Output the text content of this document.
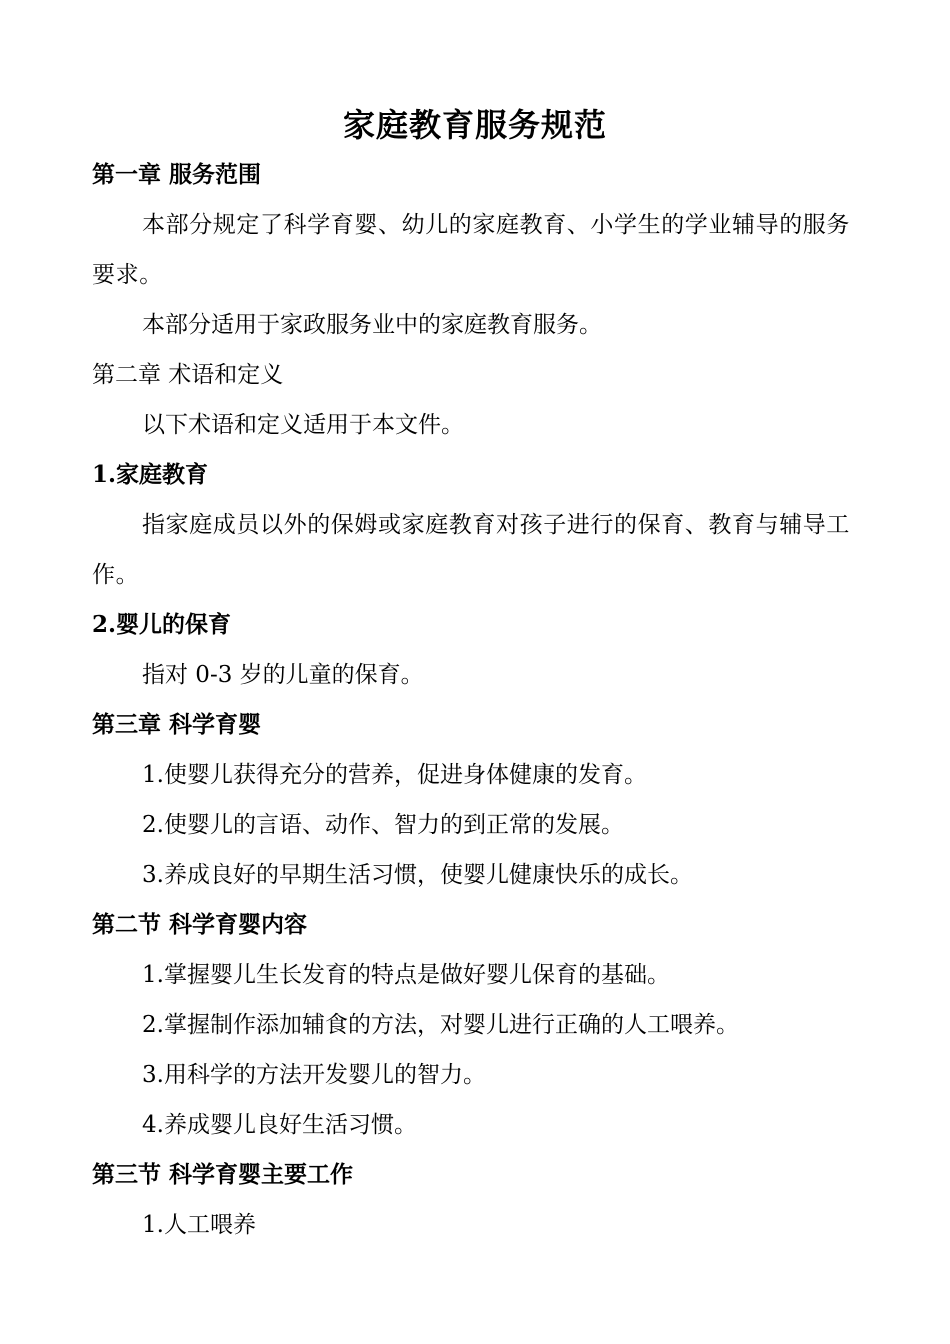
家庭教育服务规范

第一章 服务范围

本部分规定了科学育婴、幼儿的家庭教育、小学生的学业辅导的服务要求。

本部分适用于家政服务业中的家庭教育服务。

第二章 术语和定义

以下术语和定义适用于本文件。

1.家庭教育

指家庭成员以外的保姆或家庭教育对孩子进行的保育、教育与辅导工作。

2.婴儿的保育

指对 0-3 岁的儿童的保育。

第三章 科学育婴

1.使婴儿获得充分的营养，促进身体健康的发育。

2.使婴儿的言语、动作、智力的到正常的发展。

3.养成良好的早期生活习惯，使婴儿健康快乐的成长。

第二节 科学育婴内容

1.掌握婴儿生长发育的特点是做好婴儿保育的基础。

2.掌握制作添加辅食的方法，对婴儿进行正确的人工喂养。

3.用科学的方法开发婴儿的智力。

4.养成婴儿良好生活习惯。

第三节 科学育婴主要工作

1.人工喂养
